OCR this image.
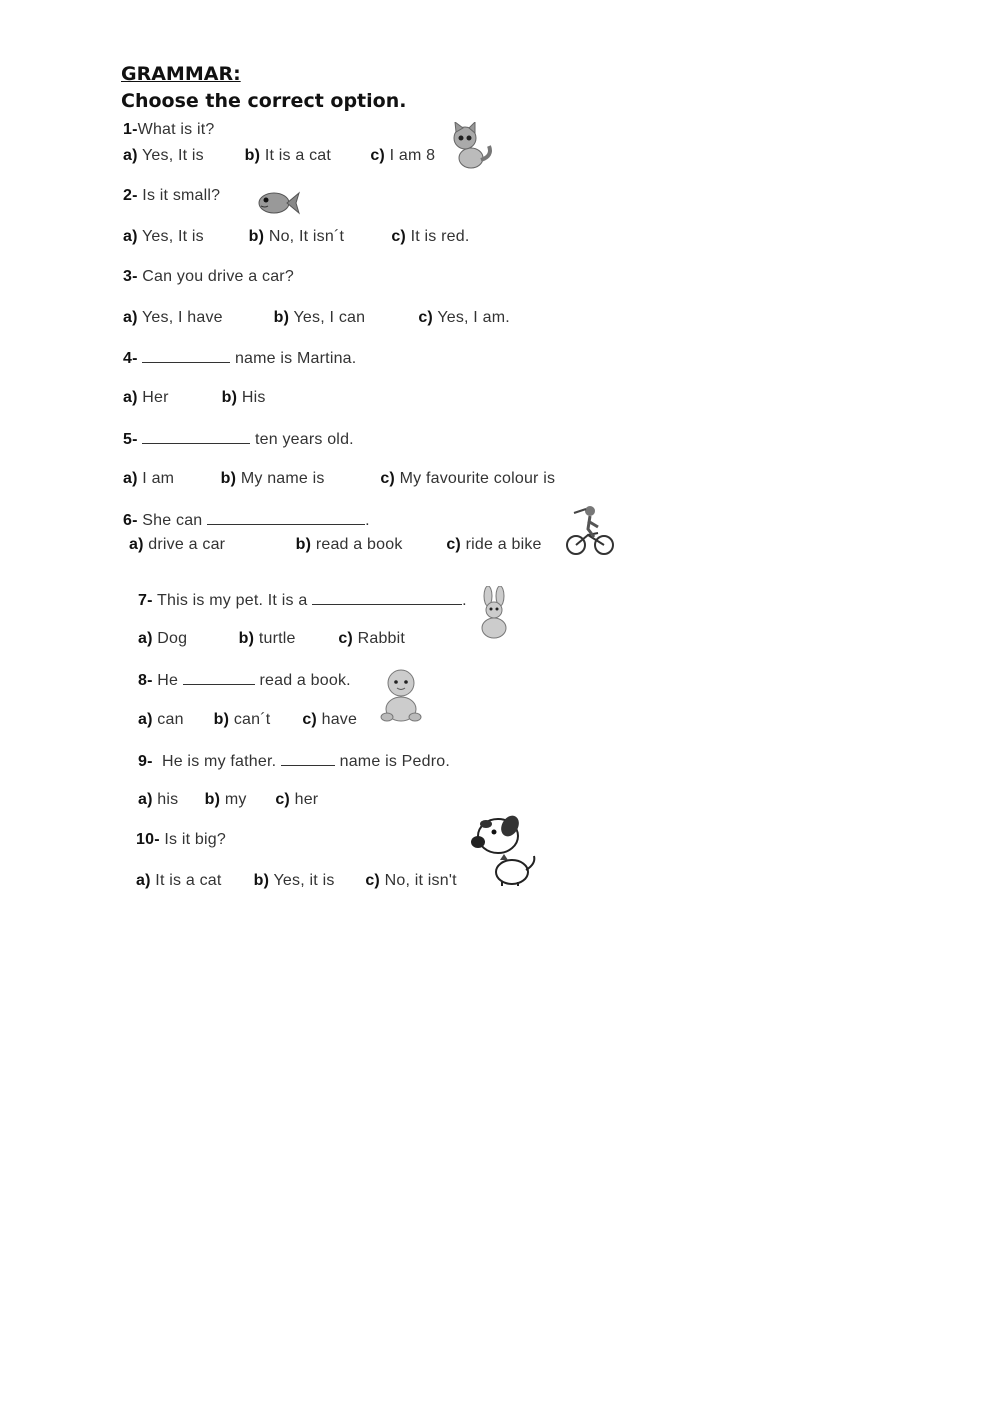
GRAMMAR:
Choose the correct option.
1-What is it?
a) Yes, It is	b) It is a cat c) I am 8
2- Is it small?
a) Yes, It is	b) No, It isn´t	c) It is red.
3- Can you drive a car?
a) Yes, I have	b) Yes, I can	c) Yes, I am.
4-	name is Martina.
a) Her	b) His
5-	ten years old.
a) I am	b) My name is	c) My favourite colour is
6- She can	.
a) drive a car	b) read a book	c) ride a bike
7- This is my pet. It is a	.
a) Dog	b) turtle	c) Rabbit
8- He	read a book.
a) can b) can´t c) have
9- He is my father.	name is Pedro.
a) his b) my c) her
10- Is it big?
a) It is a cat b) Yes, it is c) No, it isn't
